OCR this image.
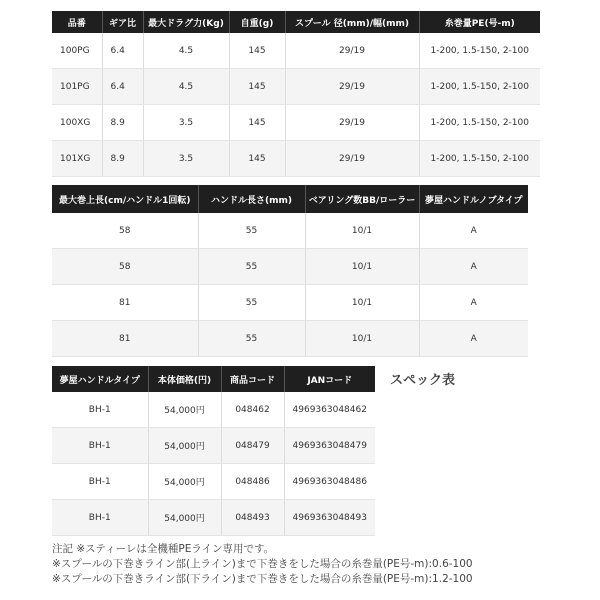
品番	ギア比	最大ドラグ力(Kg)	自重(g)	スプール 径(mm)/幅(mm)	糸巻量PE(号-m)
100PG	6.4	4.5	145	29/19	1-200, 1.5-150, 2-100
101PG	6.4	4.5	145	29/19	1-200, 1.5-150, 2-100
100XG	8.9	3.5	145	29/19	1-200, 1.5-150, 2-100
101XG	8.9	3.5	145	29/19	1-200, 1.5-150, 2-100
最大巻上長(cm/ハンドル1回転)	ハンドル長さ(mm)	ベアリング数BB/ローラー	夢屋ハンドルノブタイプ
58	55	10/1	A
58	55	10/1	A
81	55	10/1	A
81	55	10/1	A
夢屋ハンドルタイプ	本体価格(円)	商品コード	JANコード
BH-1	54,000円	048462	4969363048462
BH-1	54,000円	048479	4969363048479
BH-1	54,000円	048486	4969363048486
BH-1	54,000円	048493	4969363048493
スペック表
注記 ※スティーレは全機種PEライン専用です。
※スプールの下巻きライン部(上ライン)まで下巻きをした場合の糸巻量(PE号-m):0.6-100
※スプールの下巻きライン部(下ライン)まで下巻きをした場合の糸巻量(PE号-m):1.2-100
